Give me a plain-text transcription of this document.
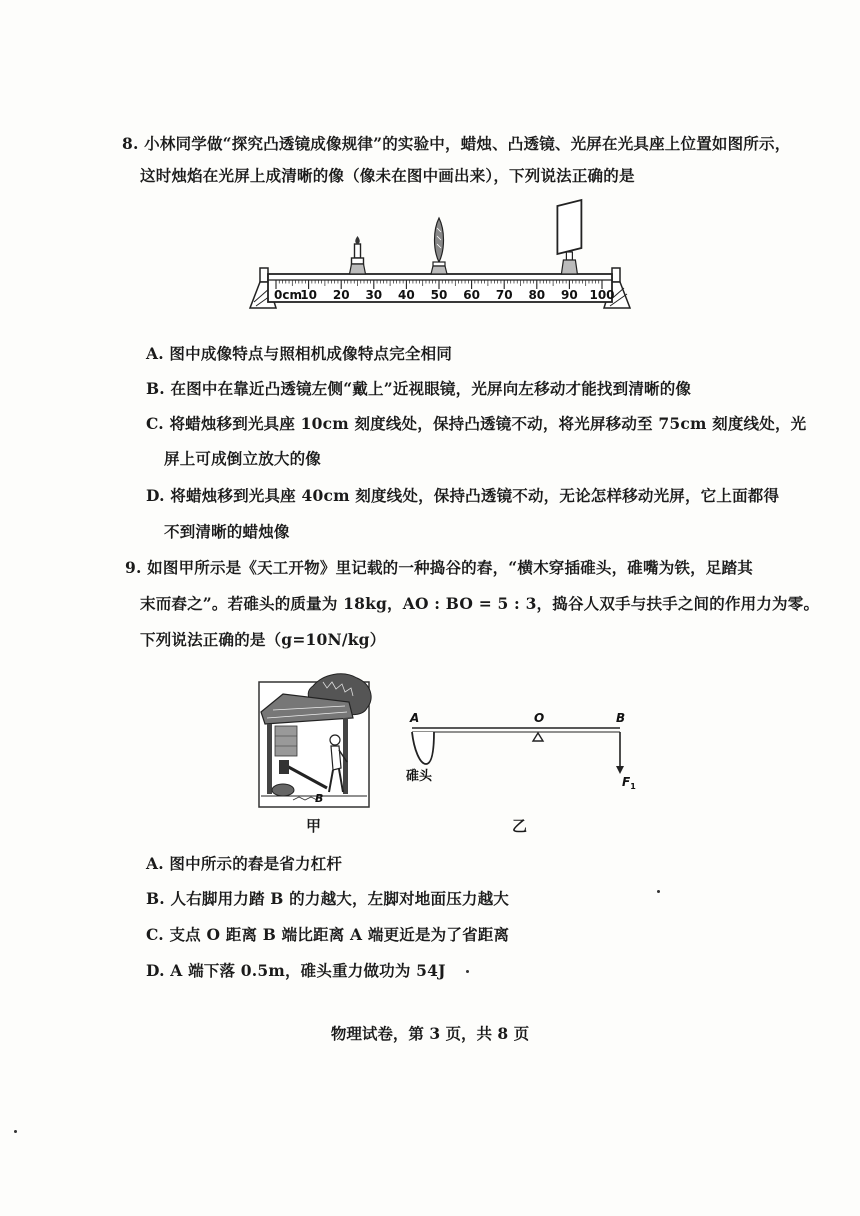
8. 小林同学做“探究凸透镜成像规律”的实验中，蜡烛、凸透镜、光屏在光具座上位置如图所示，
这时烛焰在光屏上成清晰的像（像未在图中画出来），下列说法正确的是
10 20 30 40 50 60 70 80 90 100
0cm
A. 图中成像特点与照相机成像特点完全相同
B. 在图中在靠近凸透镜左侧“戴上”近视眼镜，光屏向左移动才能找到清晰的像
C. 将蜡烛移到光具座 10cm 刻度线处，保持凸透镜不动，将光屏移动至 75cm 刻度线处，光
屏上可成倒立放大的像
D. 将蜡烛移到光具座 40cm 刻度线处，保持凸透镜不动，无论怎样移动光屏，它上面都得
不到清晰的蜡烛像
9. 如图甲所示是《天工开物》里记载的一种捣谷的舂，“横木穿插碓头，碓嘴为铁，足踏其
末而舂之”。若碓头的质量为 18kg，AO : BO = 5 : 3，捣谷人双手与扶手之间的作用力为零。
下列说法正确的是（g=10N/kg）
B
甲
A	O	B
碓头	$F_1$
乙
A. 图中所示的舂是省力杠杆
B. 人右脚用力踏 B 的力越大，左脚对地面压力越大
C. 支点 O 距离 B 端比距离 A 端更近是为了省距离
D. A 端下落 0.5m，碓头重力做功为 54J
物理试卷，第 3 页，共 8 页
